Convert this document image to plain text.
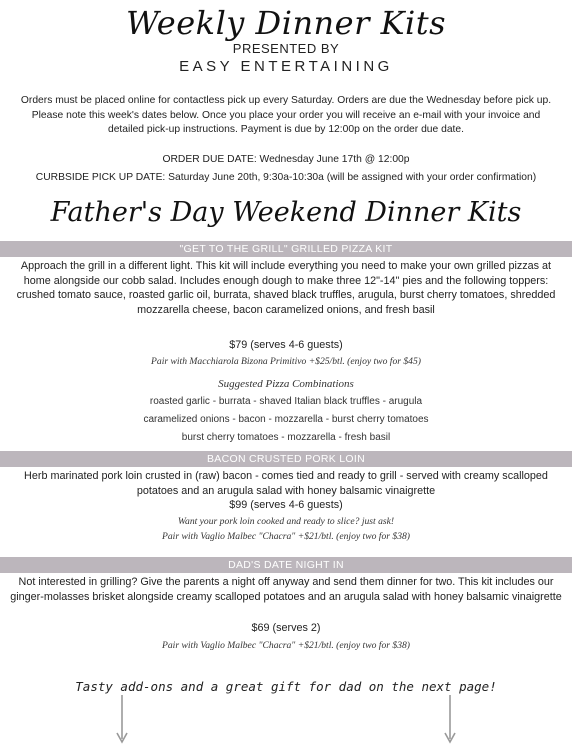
Weekly Dinner Kits
PRESENTED BY
EASY ENTERTAINING
Orders must be placed online for contactless pick up every Saturday. Orders are due the Wednesday before pick up. Please note this week's dates below. Once you place your order you will receive an e-mail with your invoice and detailed pick-up instructions. Payment is due by 12:00p on the order due date.
ORDER DUE DATE: Wednesday June 17th @ 12:00p
CURBSIDE PICK UP DATE: Saturday June 20th, 9:30a-10:30a (will be assigned with your order confirmation)
Father's Day Weekend Dinner Kits
"GET TO THE GRILL" GRILLED PIZZA KIT
Approach the grill in a different light. This kit will include everything you need to make your own grilled pizzas at home alongside our cobb salad. Includes enough dough to make three 12"-14" pies and the following toppers: crushed tomato sauce, roasted garlic oil, burrata, shaved black truffles, arugula, burst cherry tomatoes, shredded mozzarella cheese, bacon caramelized onions, and fresh basil
$79 (serves 4-6 guests)
Pair with Macchiarola Bizona Primitivo +$25/btl. (enjoy two for $45)
Suggested Pizza Combinations
roasted garlic - burrata - shaved Italian black truffles - arugula
caramelized onions - bacon - mozzarella - burst cherry tomatoes
burst cherry tomatoes - mozzarella - fresh basil
BACON CRUSTED PORK LOIN
Herb marinated pork loin crusted in (raw) bacon - comes tied and ready to grill - served with creamy scalloped potatoes and an arugula salad with honey balsamic vinaigrette
$99 (serves 4-6 guests)
Want your pork loin cooked and ready to slice? just ask!
Pair with Vaglio Malbec "Chacra" +$21/btl. (enjoy two for $38)
DAD'S DATE NIGHT IN
Not interested in grilling? Give the parents a night off anyway and send them dinner for two. This kit includes our ginger-molasses brisket alongside creamy scalloped potatoes and an arugula salad with honey balsamic vinaigrette
$69 (serves 2)
Pair with Vaglio Malbec "Chacra" +$21/btl. (enjoy two for $38)
Tasty add-ons and a great gift for dad on the next page!
